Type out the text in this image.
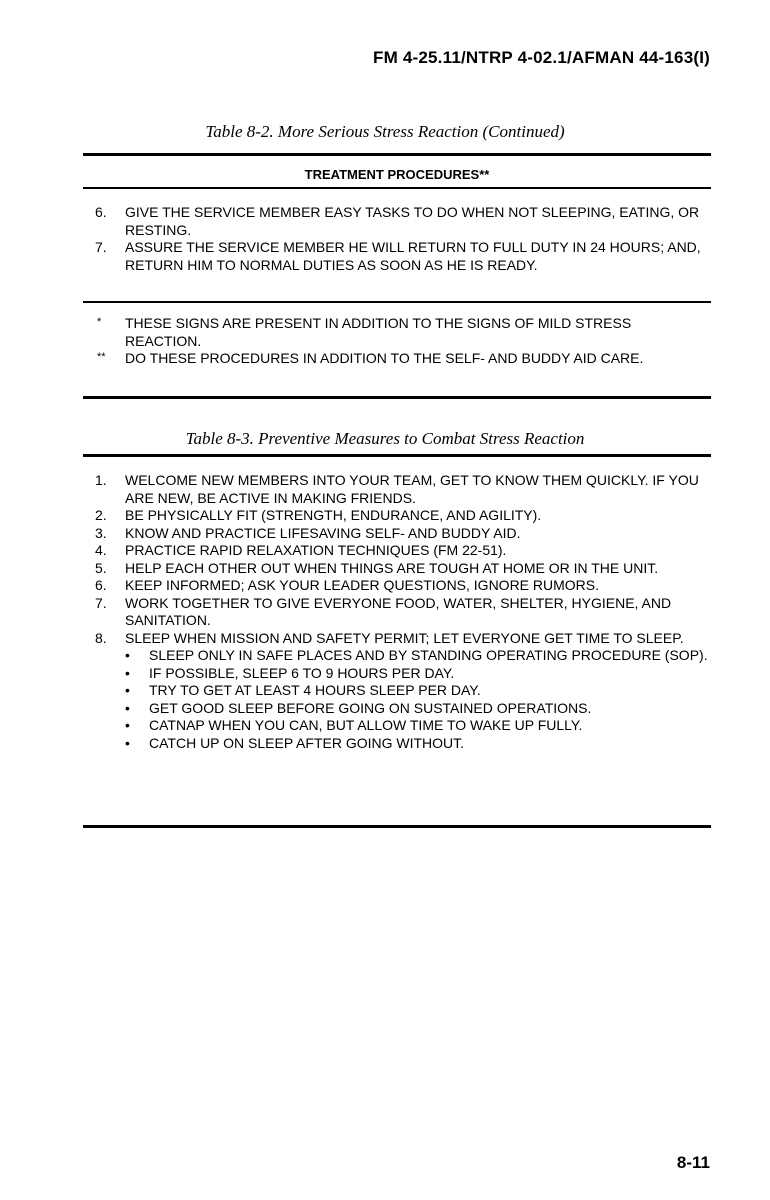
FM 4-25.11/NTRP 4-02.1/AFMAN 44-163(I)
Table 8-2. More Serious Stress Reaction (Continued)
TREATMENT PROCEDURES**
6.	GIVE THE SERVICE MEMBER EASY TASKS TO DO WHEN NOT SLEEPING, EATING, OR RESTING.
7.	ASSURE THE SERVICE MEMBER HE WILL RETURN TO FULL DUTY IN 24 HOURS; AND, RETURN HIM TO NORMAL DUTIES AS SOON AS HE IS READY.
*	THESE SIGNS ARE PRESENT IN ADDITION TO THE SIGNS OF MILD STRESS REACTION.
**	DO THESE PROCEDURES IN ADDITION TO THE SELF- AND BUDDY AID CARE.
Table 8-3. Preventive Measures to Combat Stress Reaction
1.	WELCOME NEW MEMBERS INTO YOUR TEAM, GET TO KNOW THEM QUICKLY. IF YOU ARE NEW, BE ACTIVE IN MAKING FRIENDS.
2.	BE PHYSICALLY FIT (STRENGTH, ENDURANCE, AND AGILITY).
3.	KNOW AND PRACTICE LIFESAVING SELF- AND BUDDY AID.
4.	PRACTICE RAPID RELAXATION TECHNIQUES (FM 22-51).
5.	HELP EACH OTHER OUT WHEN THINGS ARE TOUGH AT HOME OR IN THE UNIT.
6.	KEEP INFORMED; ASK YOUR LEADER QUESTIONS, IGNORE RUMORS.
7.	WORK TOGETHER TO GIVE EVERYONE FOOD, WATER, SHELTER, HYGIENE, AND SANITATION.
8.	SLEEP WHEN MISSION AND SAFETY PERMIT; LET EVERYONE GET TIME TO SLEEP.
•	SLEEP ONLY IN SAFE PLACES AND BY STANDING OPERATING PROCEDURE (SOP).
•	IF POSSIBLE, SLEEP 6 TO 9 HOURS PER DAY.
•	TRY TO GET AT LEAST 4 HOURS SLEEP PER DAY.
•	GET GOOD SLEEP BEFORE GOING ON SUSTAINED OPERATIONS.
•	CATNAP WHEN YOU CAN, BUT ALLOW TIME TO WAKE UP FULLY.
•	CATCH UP ON SLEEP AFTER GOING WITHOUT.
8-11
